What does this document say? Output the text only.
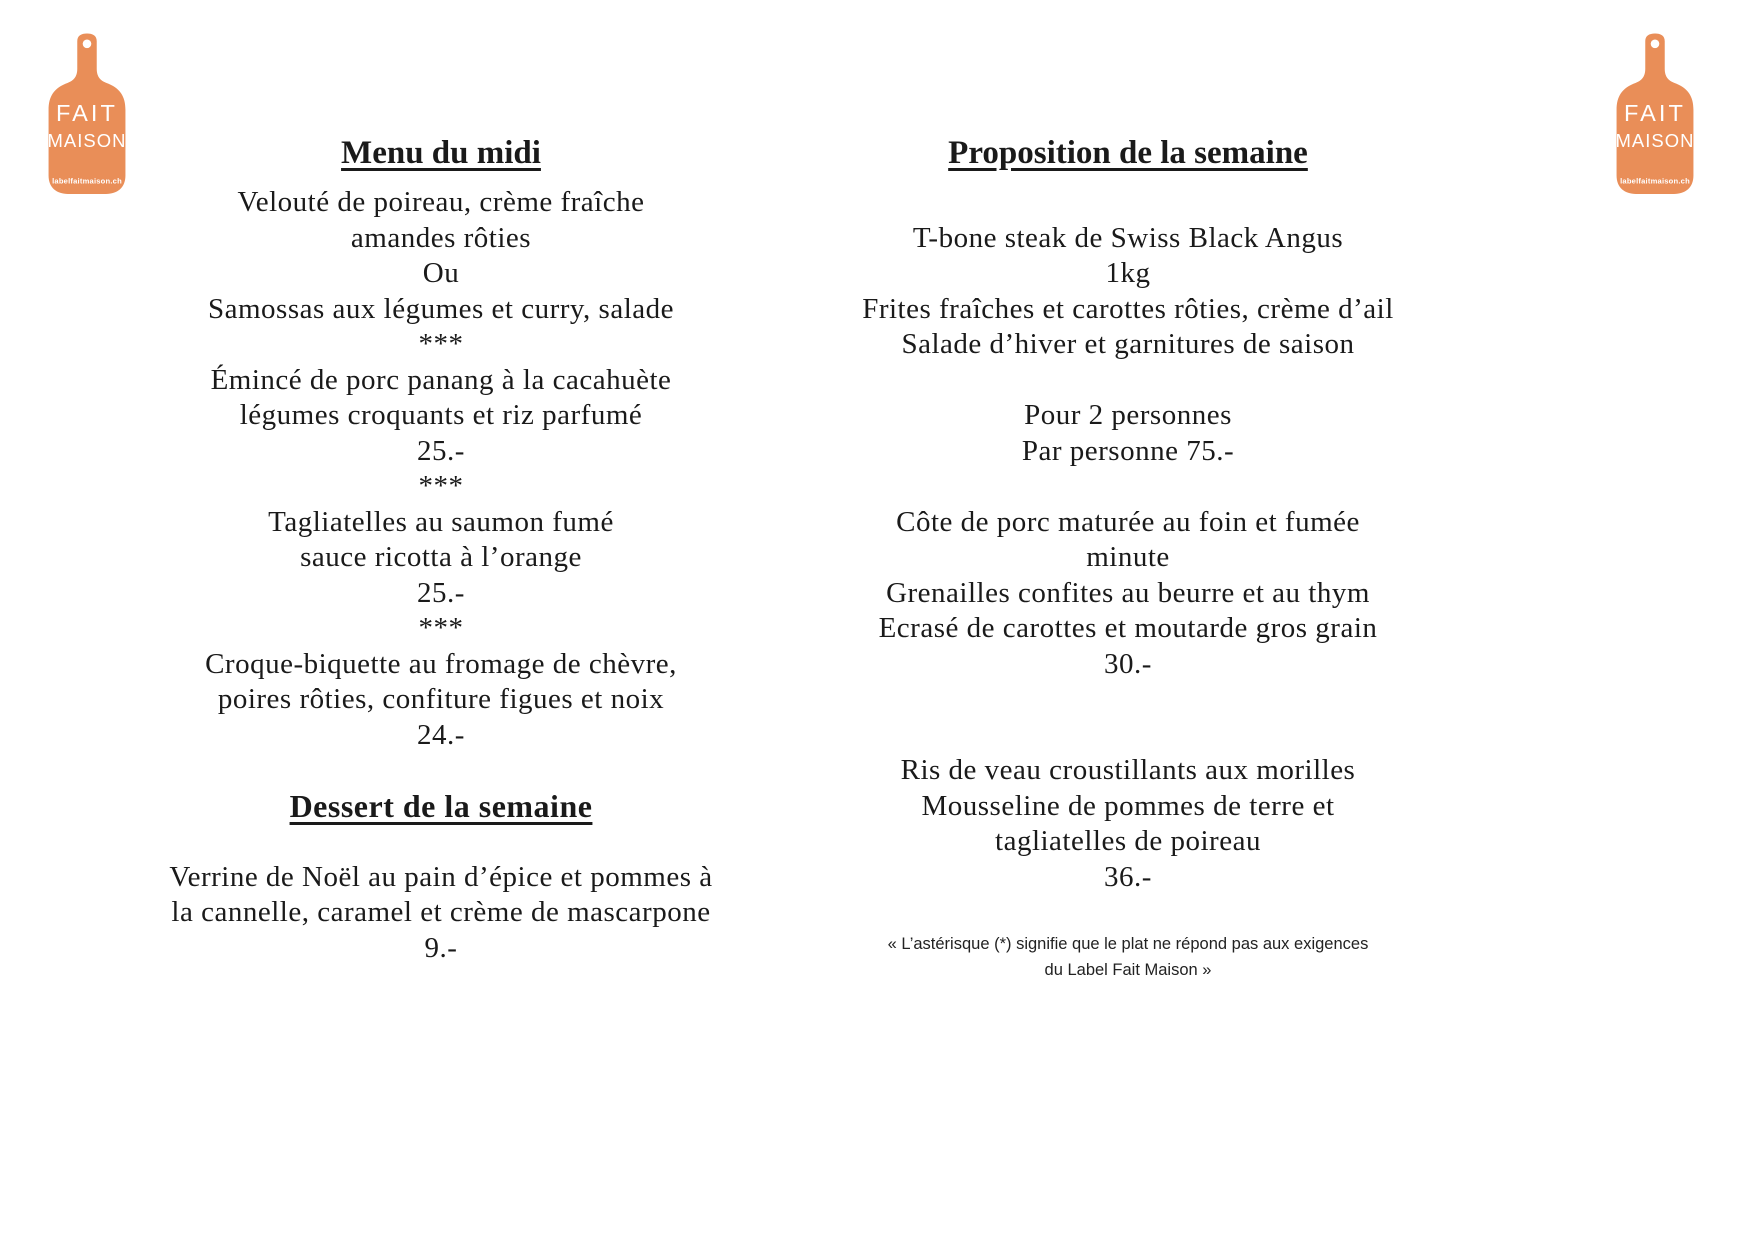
FAIT
MAISON
labelfaitmaison.ch
FAIT
MAISON
labelfaitmaison.ch
Menu du midi
Velouté de poireau, crème fraîche
amandes rôties
Ou
Samossas aux légumes et curry, salade
***
Émincé de porc panang à la cacahuète
légumes croquants et riz parfumé
25.-
***
Tagliatelles au saumon fumé
sauce ricotta à l’orange
25.-
***
Croque-biquette au fromage de chèvre,
poires rôties, confiture figues et noix
24.-
Dessert de la semaine
Verrine de Noël au pain d’épice et pommes à
la cannelle, caramel et crème de mascarpone
9.-
Proposition de la semaine
T-bone steak de Swiss Black Angus
1kg
Frites fraîches et carottes rôties, crème d’ail
Salade d’hiver et garnitures de saison
Pour 2 personnes
Par personne 75.-
Côte de porc maturée au foin et fumée
minute
Grenailles confites au beurre et au thym
Ecrasé de carottes et moutarde gros grain
30.-
Ris de veau croustillants aux morilles
Mousseline de pommes de terre et
tagliatelles de poireau
36.-
« L’astérisque (*) signifie que le plat ne répond pas aux exigences
du Label Fait Maison »
